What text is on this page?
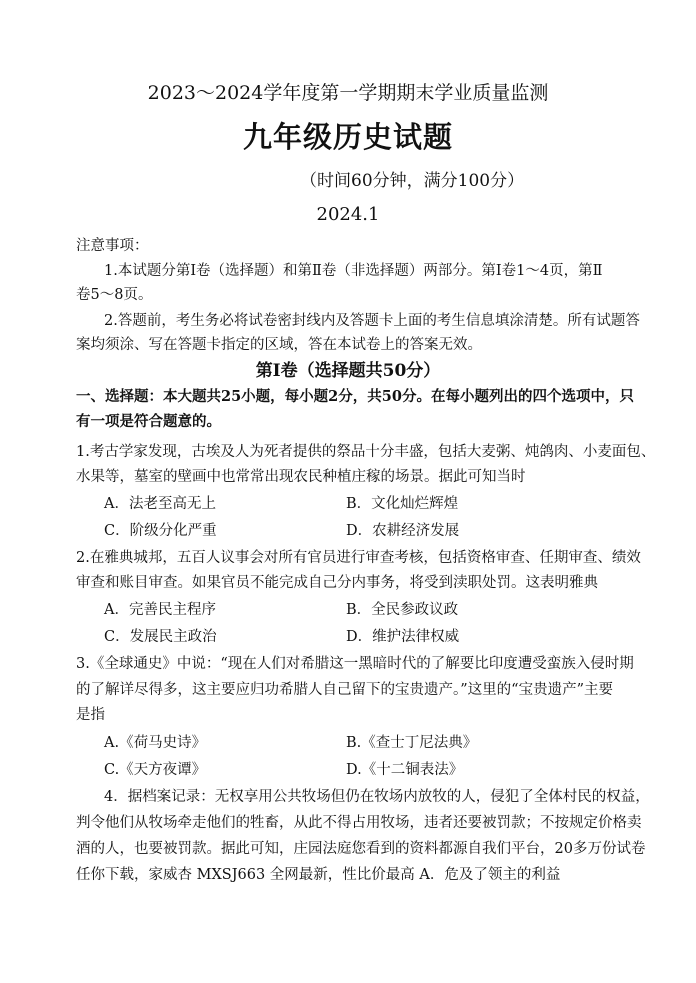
2023～2024学年度第一学期期末学业质量监测
九年级历史试题
（时间60分钟，满分100分）
2024.1
注意事项：
1.本试题分第Ⅰ卷（选择题）和第Ⅱ卷（非选择题）两部分。第Ⅰ卷1～4页，第Ⅱ
卷5～8页。
2.答题前，考生务必将试卷密封线内及答题卡上面的考生信息填涂清楚。所有试题答
案均须涂、写在答题卡指定的区域，答在本试卷上的答案无效。
第Ⅰ卷（选择题共50分）
一、选择题：本大题共25小题，每小题2分，共50分。在每小题列出的四个选项中，只
有一项是符合题意的。
1.考古学家发现，古埃及人为死者提供的祭品十分丰盛，包括大麦粥、炖鸽肉、小麦面包、
水果等，墓室的壁画中也常常出现农民种植庄稼的场景。据此可知当时
A．法老至高无上	B．文化灿烂辉煌
C．阶级分化严重	D．农耕经济发展
2.在雅典城邦，五百人议事会对所有官员进行审查考核，包括资格审查、任期审查、绩效
审查和账目审查。如果官员不能完成自己分内事务，将受到渎职处罚。这表明雅典
A．完善民主程序	B．全民参政议政
C．发展民主政治	D．维护法律权威
3.《全球通史》中说：“现在人们对希腊这一黑暗时代的了解要比印度遭受蛮族入侵时期
的了解详尽得多，这主要应归功希腊人自己留下的宝贵遗产。”这里的“宝贵遗产”主要
是指
A.《荷马史诗》	B.《查士丁尼法典》
C.《天方夜谭》	D.《十二铜表法》
4．据档案记录：无权享用公共牧场但仍在牧场内放牧的人，侵犯了全体村民的权益，
判令他们从牧场牵走他们的牲畜，从此不得占用牧场，违者还要被罚款；不按规定价格卖
酒的人，也要被罚款。据此可知，庄园法庭您看到的资料都源自我们平台，20多万份试卷
任你下载，家威杏 MXSJ663 全网最新，性比价最高 A．危及了领主的利益
